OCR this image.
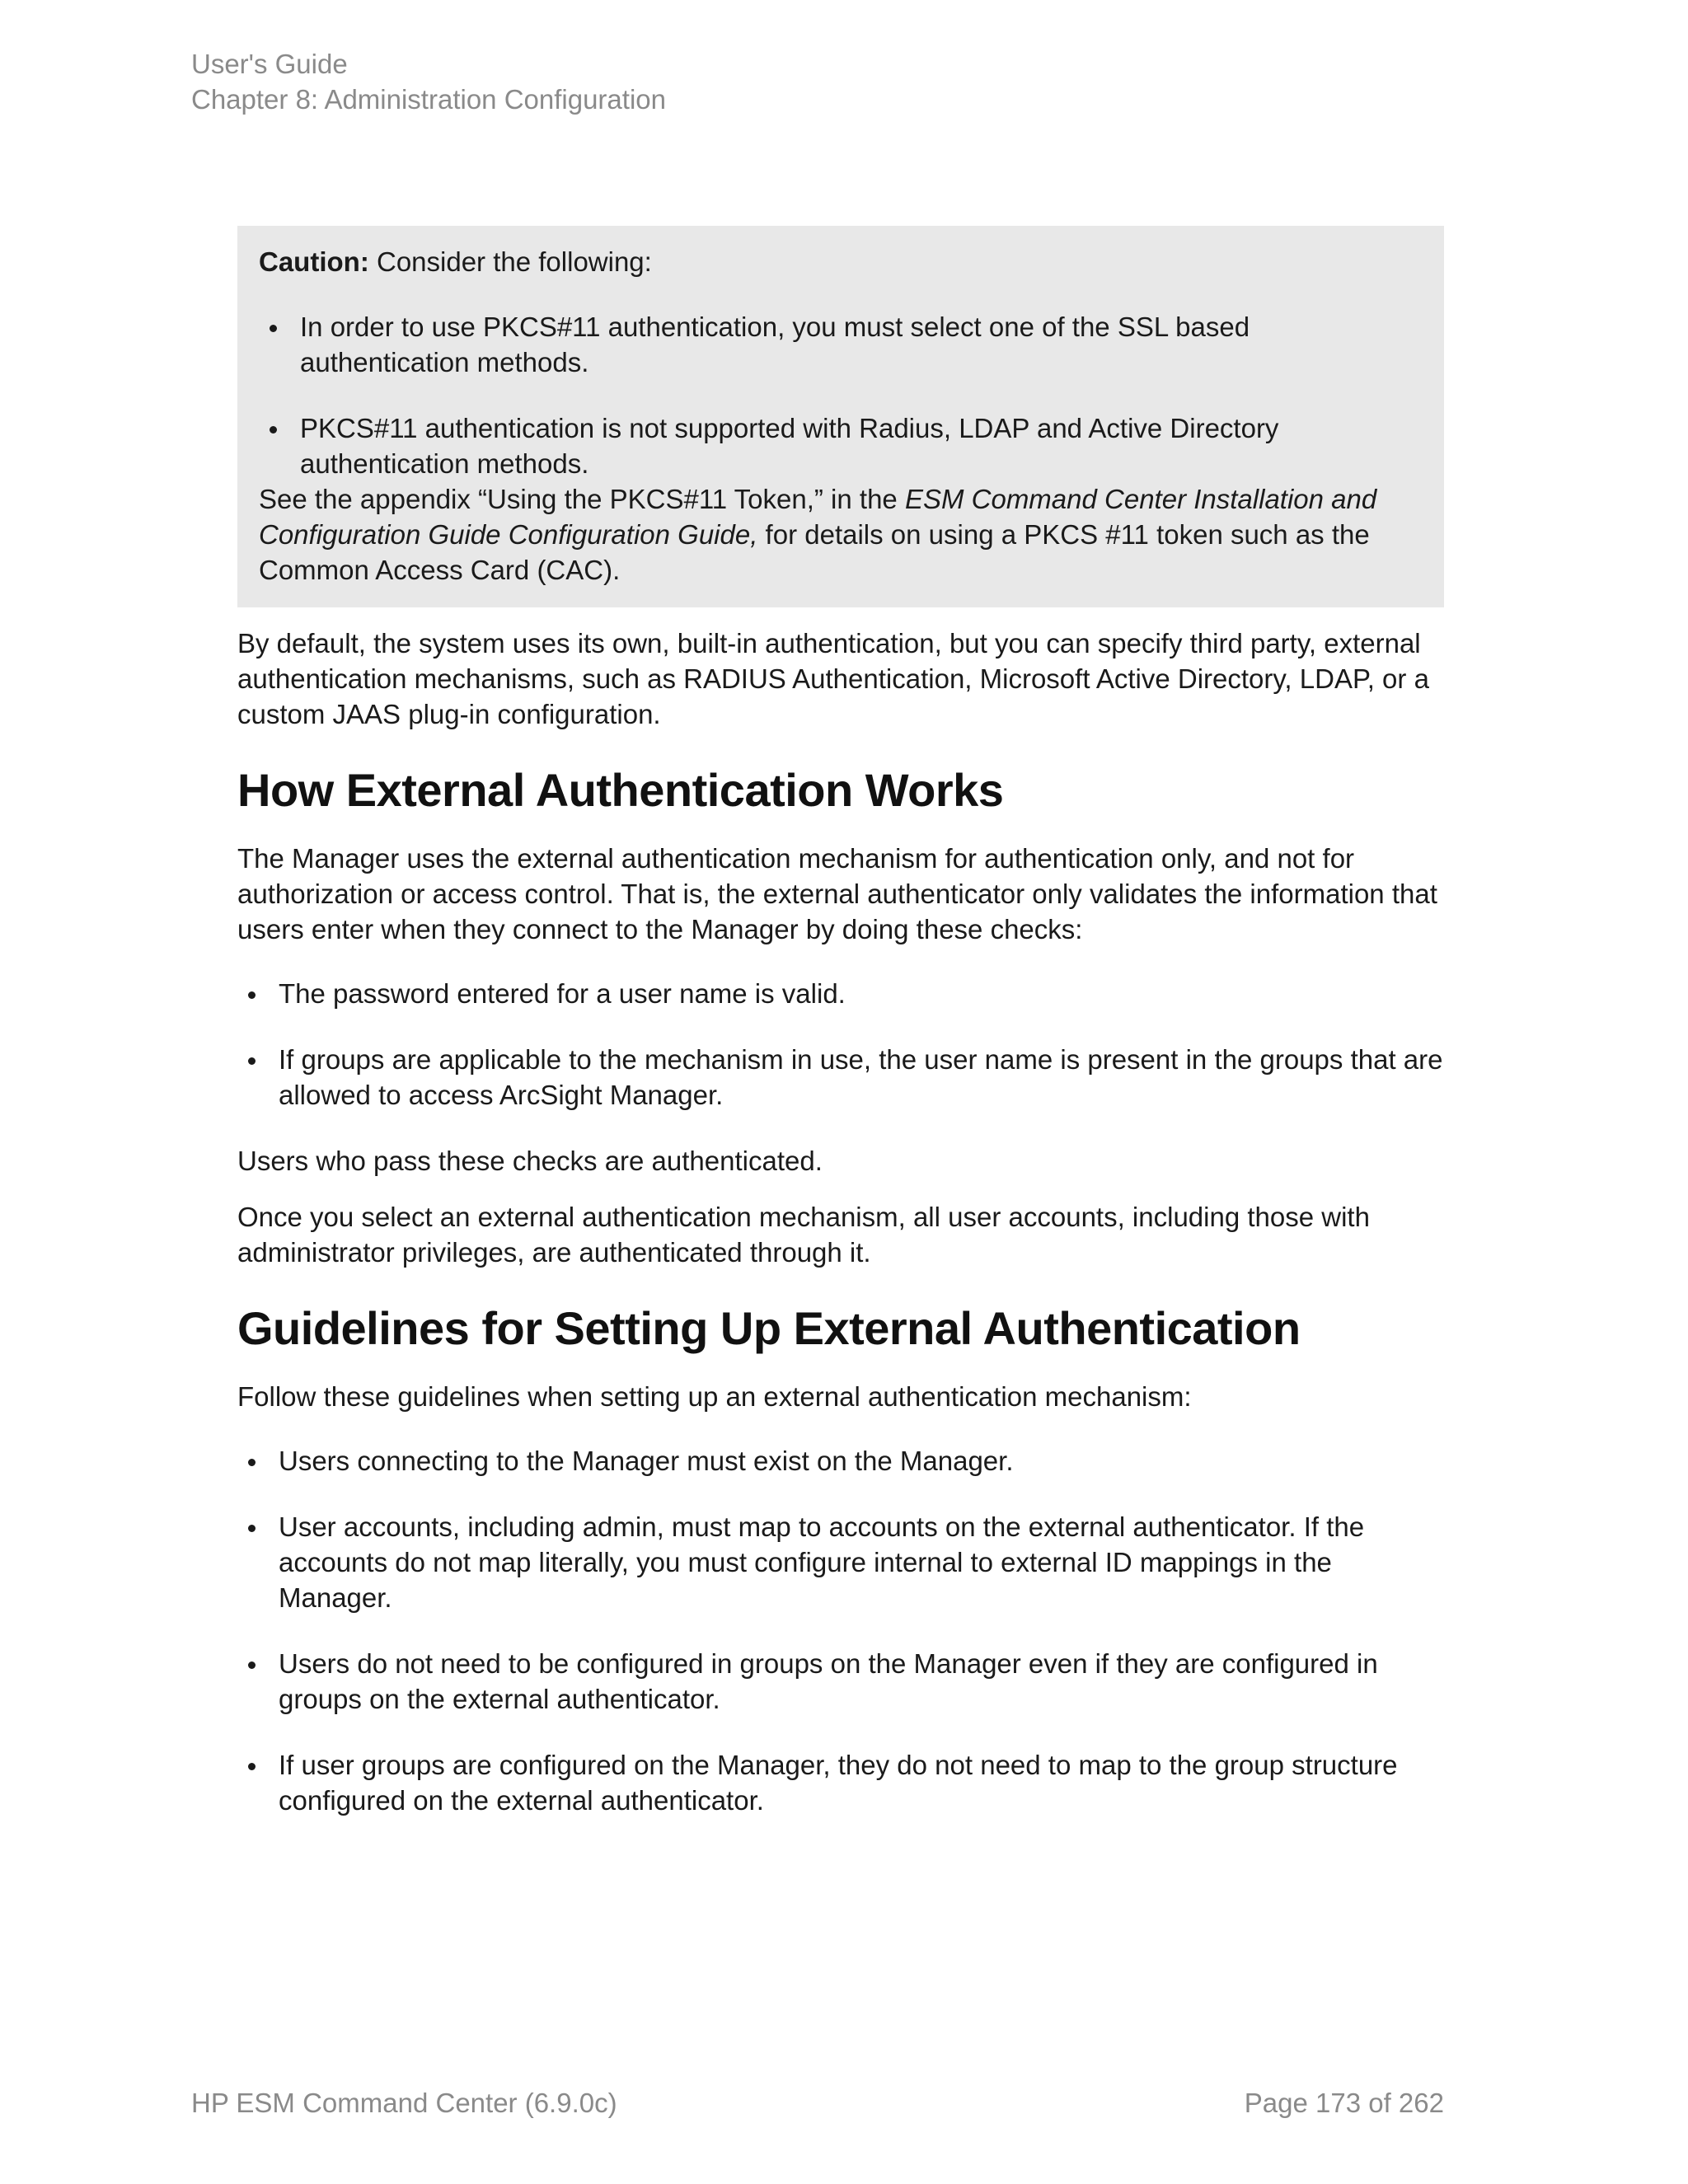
User's Guide
Chapter 8: Administration Configuration

Caution: Consider the following:

In order to use PKCS#11 authentication, you must select one of the SSL based authentication methods.
PKCS#11 authentication is not supported with Radius, LDAP and Active Directory authentication methods.

See the appendix “Using the PKCS#11 Token,” in the ESM Command Center Installation and Configuration Guide Configuration Guide, for details on using a PKCS #11 token such as the Common Access Card (CAC).

By default, the system uses its own, built-in authentication, but you can specify third party, external authentication mechanisms, such as RADIUS Authentication, Microsoft Active Directory, LDAP, or a custom JAAS plug-in configuration.

How External Authentication Works

The Manager uses the external authentication mechanism for authentication only, and not for authorization or access control. That is, the external authenticator only validates the information that users enter when they connect to the Manager by doing these checks:

The password entered for a user name is valid.
If groups are applicable to the mechanism in use, the user name is present in the groups that are allowed to access ArcSight Manager.

Users who pass these checks are authenticated.

Once you select an external authentication mechanism, all user accounts, including those with administrator privileges, are authenticated through it.

Guidelines for Setting Up External Authentication

Follow these guidelines when setting up an external authentication mechanism:

Users connecting to the Manager must exist on the Manager.
User accounts, including admin, must map to accounts on the external authenticator. If the accounts do not map literally, you must configure internal to external ID mappings in the Manager.
Users do not need to be configured in groups on the Manager even if they are configured in groups on the external authenticator.
If user groups are configured on the Manager, they do not need to map to the group structure configured on the external authenticator.
HP ESM Command Center (6.9.0c)	Page 173 of 262
